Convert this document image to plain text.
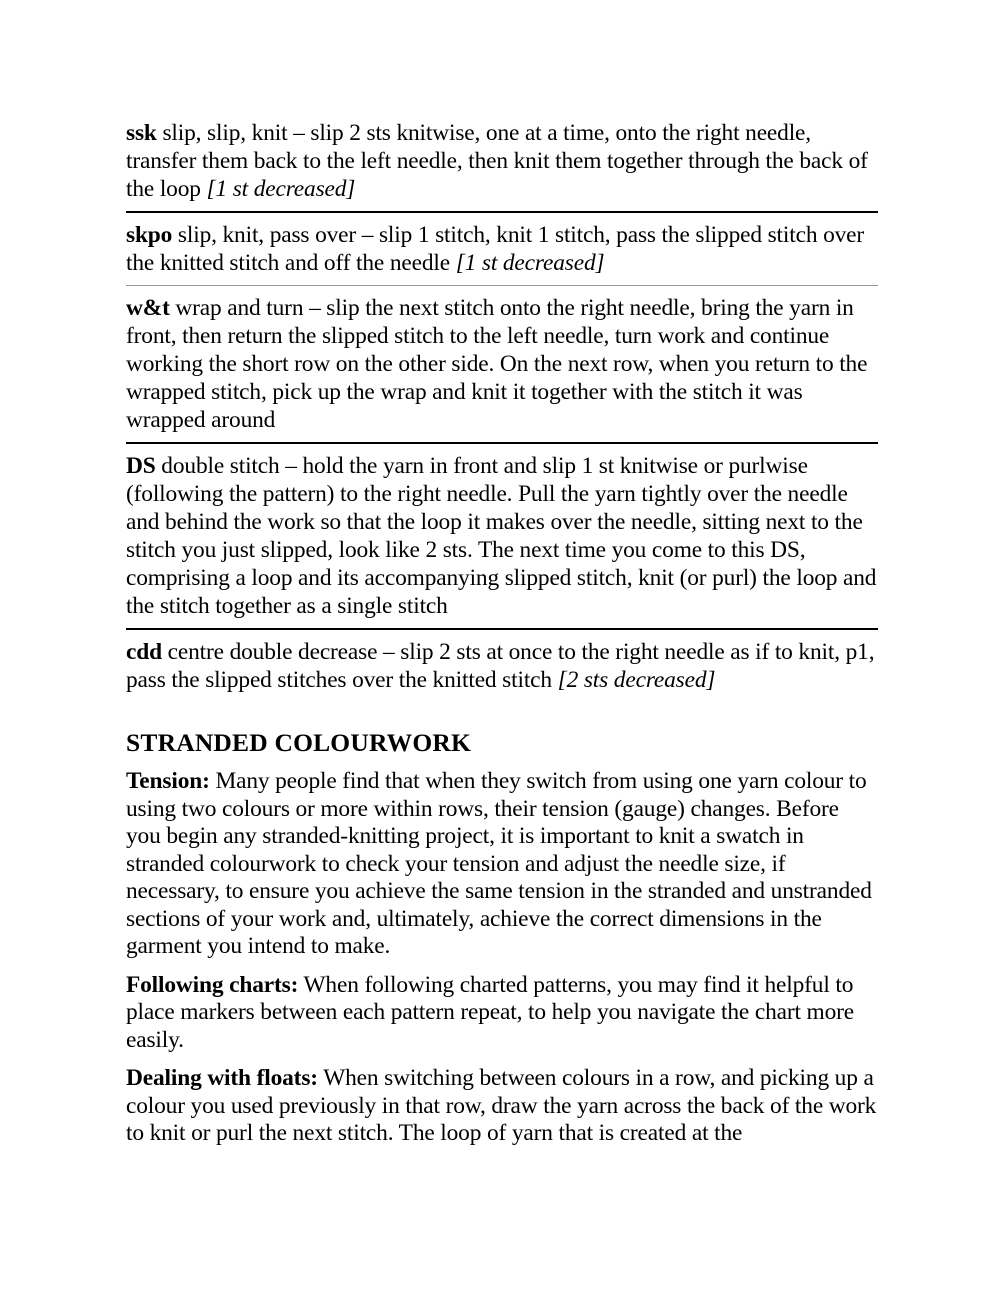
ssk slip, slip, knit – slip 2 sts knitwise, one at a time, onto the right needle, transfer them back to the left needle, then knit them together through the back of the loop [1 st decreased]
skpo slip, knit, pass over – slip 1 stitch, knit 1 stitch, pass the slipped stitch over the knitted stitch and off the needle [1 st decreased]
w&t wrap and turn – slip the next stitch onto the right needle, bring the yarn in front, then return the slipped stitch to the left needle, turn work and continue working the short row on the other side. On the next row, when you return to the wrapped stitch, pick up the wrap and knit it together with the stitch it was wrapped around
DS double stitch – hold the yarn in front and slip 1 st knitwise or purlwise (following the pattern) to the right needle. Pull the yarn tightly over the needle and behind the work so that the loop it makes over the needle, sitting next to the stitch you just slipped, look like 2 sts. The next time you come to this DS, comprising a loop and its accompanying slipped stitch, knit (or purl) the loop and the stitch together as a single stitch
cdd centre double decrease – slip 2 sts at once to the right needle as if to knit, p1, pass the slipped stitches over the knitted stitch [2 sts decreased]
STRANDED COLOURWORK

Tension: Many people find that when they switch from using one yarn colour to using two colours or more within rows, their tension (gauge) changes. Before you begin any stranded-knitting project, it is important to knit a swatch in stranded colourwork to check your tension and adjust the needle size, if necessary, to ensure you achieve the same tension in the stranded and unstranded sections of your work and, ultimately, achieve the correct dimensions in the garment you intend to make.

Following charts: When following charted patterns, you may find it helpful to place markers between each pattern repeat, to help you navigate the chart more easily.

Dealing with floats: When switching between colours in a row, and picking up a colour you used previously in that row, draw the yarn across the back of the work to knit or purl the next stitch. The loop of yarn that is created at the
